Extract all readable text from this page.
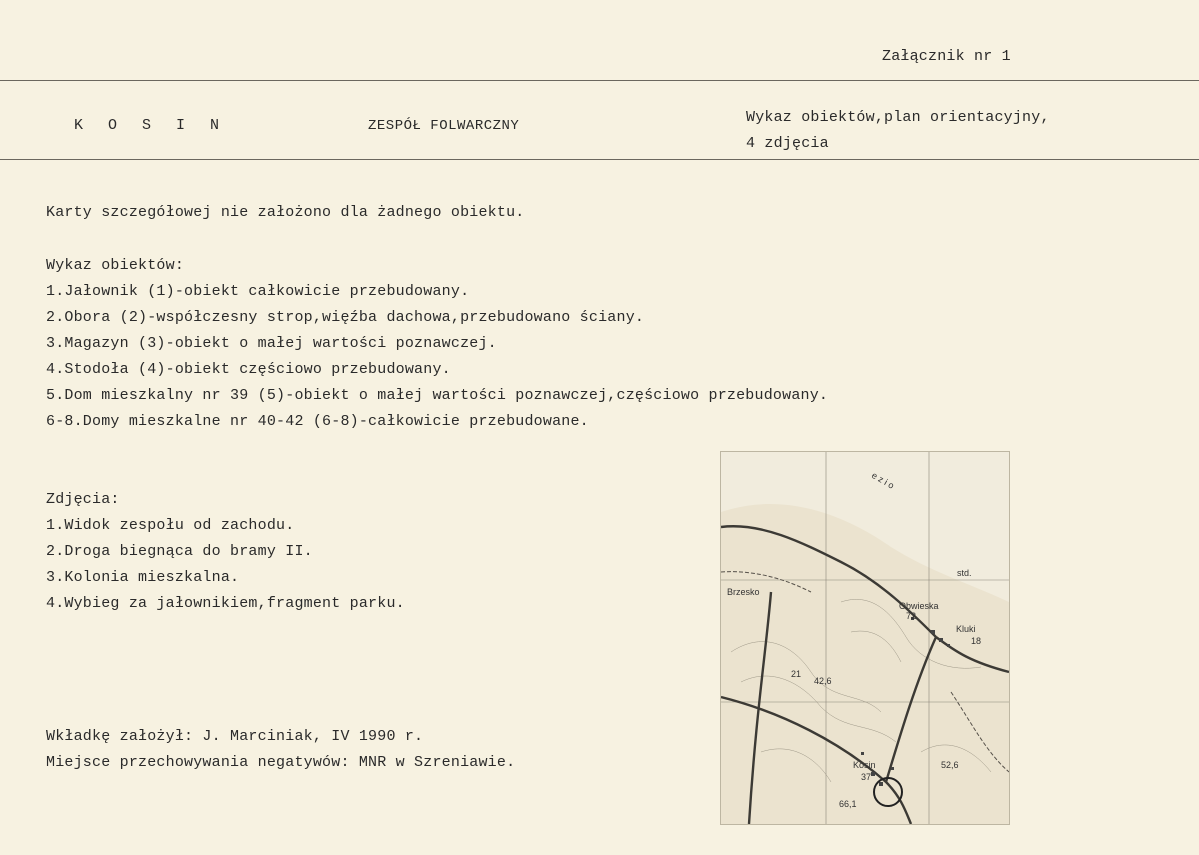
Załącznik nr 1
K O S I N	ZESPÓŁ FOLWARCZNY	Wykaz obiektów,plan orientacyjny,
4 zdjęcia
Karty szczegółowej nie założono dla żadnego obiektu.
Wykaz obiektów:
1.Jałownik (1)-obiekt całkowicie przebudowany.
2.Obora (2)-współczesny strop,więźba dachowa,przebudowano ściany.
3.Magazyn (3)-obiekt o małej wartości poznawczej.
4.Stodoła (4)-obiekt częściowo przebudowany.
5.Dom mieszkalny nr 39 (5)-obiekt o małej wartości poznawczej,częściowo przebudowany.
6-8.Domy mieszkalne nr 40-42 (6-8)-całkowicie przebudowane.
Zdjęcia:
1.Widok zespołu od zachodu.
2.Droga biegnąca do bramy II.
3.Kolonia mieszkalna.
4.Wybieg za jałownikiem,fragment parku.
Wkładkę założył: J. Marciniak, IV 1990 r.
Miejsce przechowywania negatywów: MNR w Szreniawie.
Brzesko
Obwieska
Kluki
Kosin
42,6
52,6
37
18
21
72
66,1
std.
e z i o
